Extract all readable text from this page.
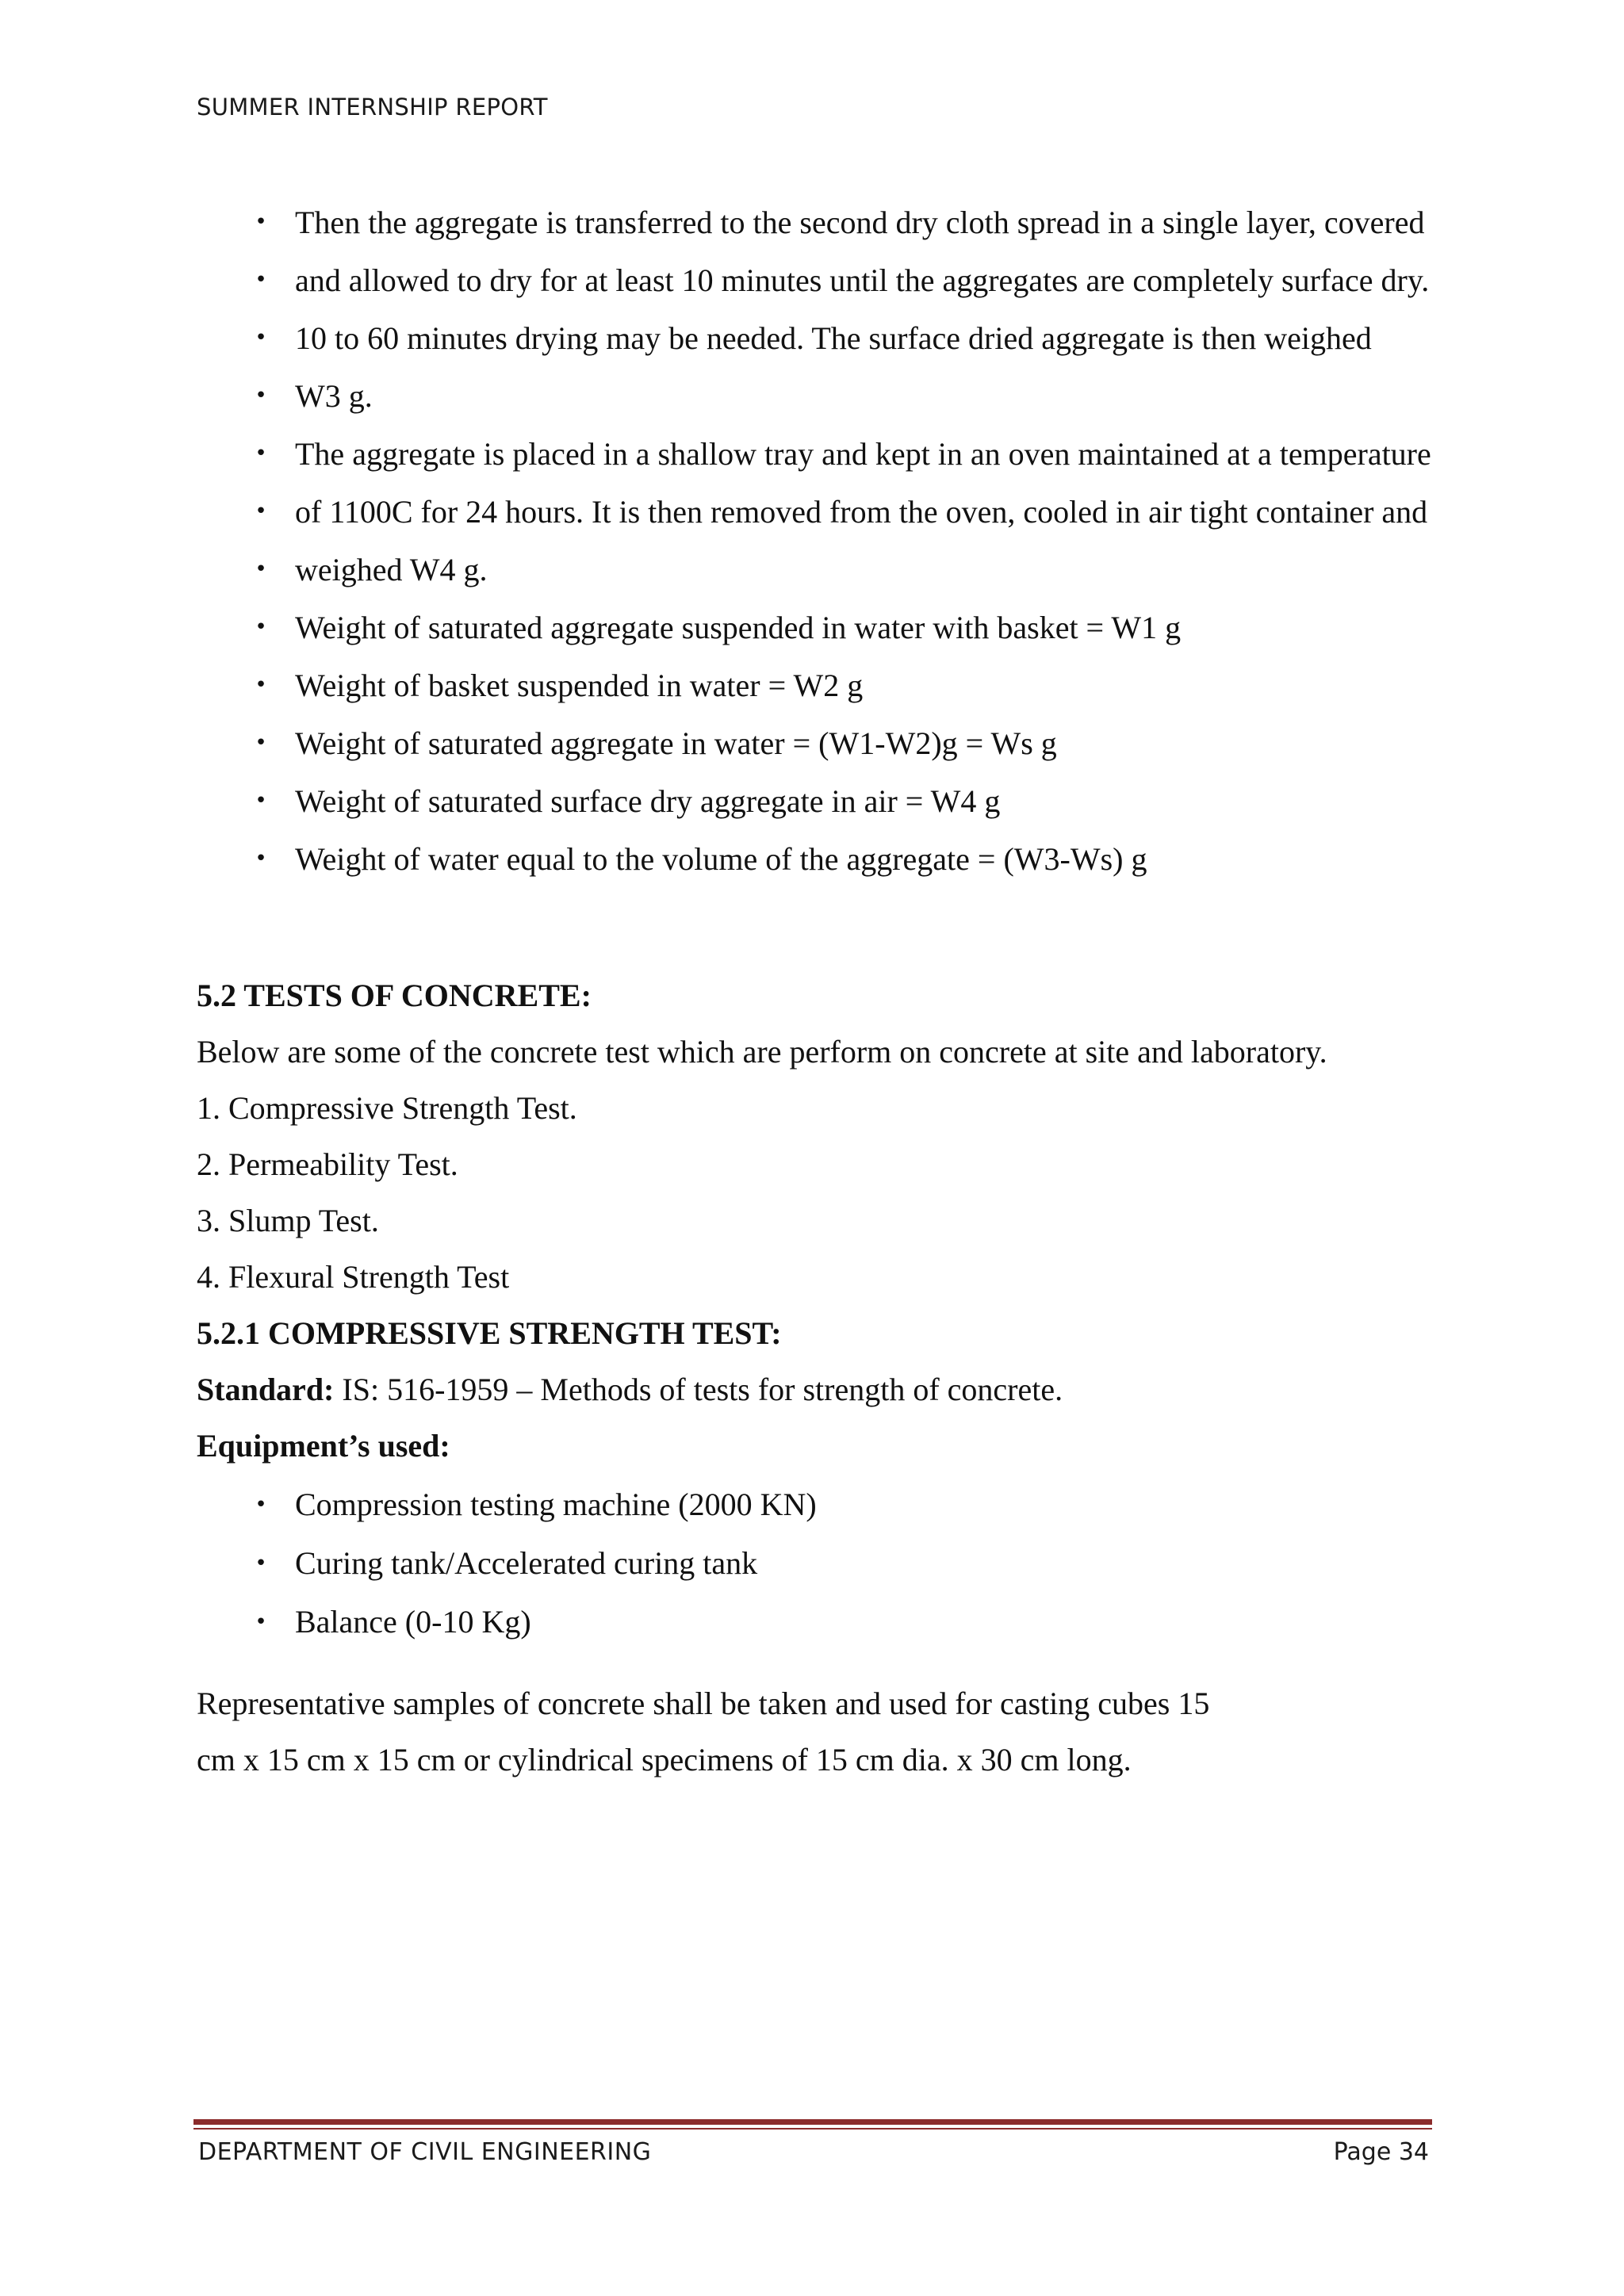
SUMMER INTERNSHIP REPORT
• Then the aggregate is transferred to the second dry cloth spread in a single layer, covered
• and allowed to dry for at least 10 minutes until the aggregates are completely surface dry.
• 10 to 60 minutes drying may be needed. The surface dried aggregate is then weighed
• W3 g.
• The aggregate is placed in a shallow tray and kept in an oven maintained at a temperature
• of 1100C for 24 hours. It is then removed from the oven, cooled in air tight container and
• weighed W4 g.
• Weight of saturated aggregate suspended in water with basket = W1 g
• Weight of basket suspended in water = W2 g
• Weight of saturated aggregate in water = (W1-W2)g = Ws g
• Weight of saturated surface dry aggregate in air = W4 g
• Weight of water equal to the volume of the aggregate = (W3-Ws) g

5.2 TESTS OF CONCRETE:

Below are some of the concrete test which are perform on concrete at site and laboratory.

1. Compressive Strength Test.

2. Permeability Test.

3. Slump Test.

4. Flexural Strength Test

5.2.1 COMPRESSIVE STRENGTH TEST:

Standard: IS: 516-1959 – Methods of tests for strength of concrete.

Equipment’s used:

• Compression testing machine (2000 KN)
• Curing tank/Accelerated curing tank
• Balance (0-10 Kg)

Representative samples of concrete shall be taken and used for casting cubes 15

cm x 15 cm x 15 cm or cylindrical specimens of 15 cm dia. x 30 cm long.

DEPARTMENT OF CIVIL ENGINEERING	Page 34
